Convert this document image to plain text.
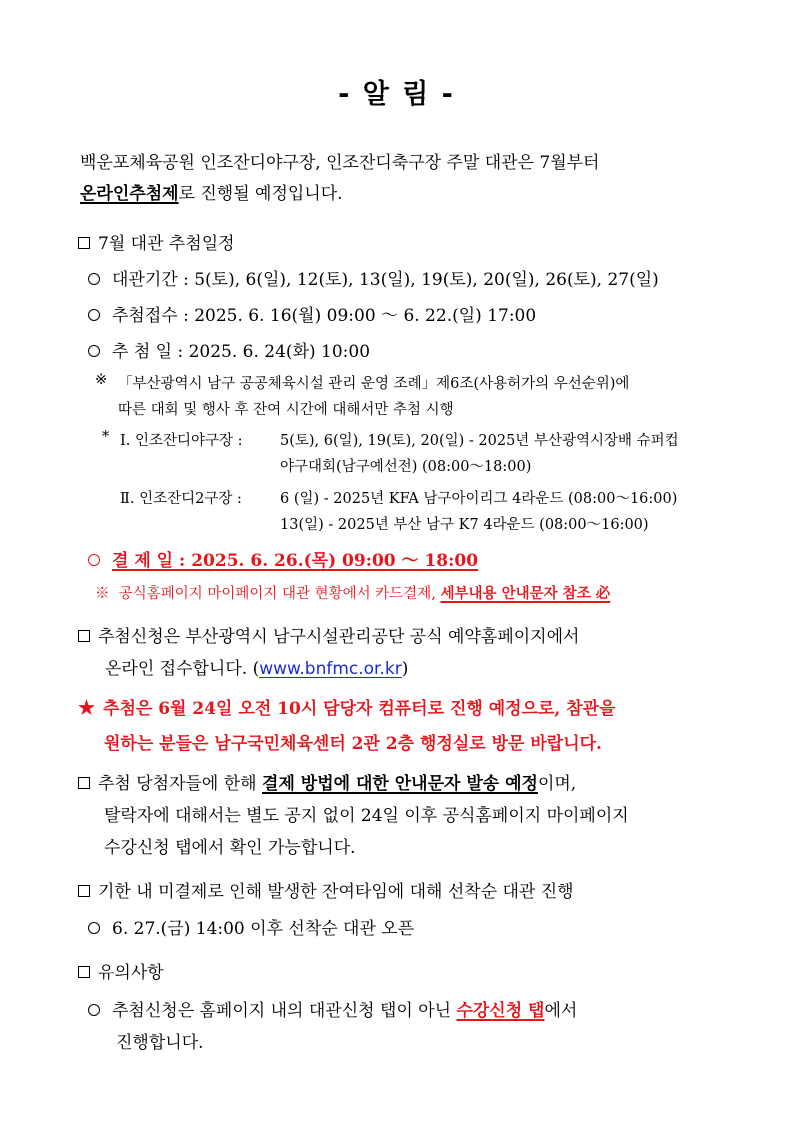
- 알 림 -
백운포체육공원 인조잔디야구장, 인조잔디축구장 주말 대관은 7월부터
온라인추첨제로 진행될 예정입니다.
7월 대관 추첨일정
대관기간 : 5(토), 6(일), 12(토), 13(일), 19(토), 20(일), 26(토), 27(일)
추첨접수 : 2025. 6. 16(월) 09:00 ～ 6. 22.(일) 17:00
추 첨 일 : 2025. 6. 24(화) 10:00
※ 「부산광역시 남구 공공체육시설 관리 운영 조례」제6조(사용허가의 우선순위)에
따른 대회 및 행사 후 잔여 시간에 대해서만 추첨 시행
* Ⅰ. 인조잔디야구장 :	5(토), 6(일), 19(토), 20(일) - 2025년 부산광역시장배 슈퍼컵
야구대회(남구예선전) (08:00～18:00)
Ⅱ. 인조잔디2구장 :	6 (일) - 2025년 KFA 남구아이리그 4라운드 (08:00～16:00)
13(일) - 2025년 부산 남구 K7 4라운드 (08:00～16:00)
결 제 일 : 2025. 6. 26.(목) 09:00 ～ 18:00
※ 공식홈페이지 마이페이지 대관 현황에서 카드결제, 세부내용 안내문자 참조 必
추첨신청은 부산광역시 남구시설관리공단 공식 예약홈페이지에서
온라인 접수합니다. (www.bnfmc.or.kr)
★ 추첨은 6월 24일 오전 10시 담당자 컴퓨터로 진행 예정으로, 참관을
원하는 분들은 남구국민체육센터 2관 2층 행정실로 방문 바랍니다.
추첨 당첨자들에 한해 결제 방법에 대한 안내문자 발송 예정이며,
탈락자에 대해서는 별도 공지 없이 24일 이후 공식홈페이지 마이페이지
수강신청 탭에서 확인 가능합니다.
기한 내 미결제로 인해 발생한 잔여타임에 대해 선착순 대관 진행
6. 27.(금) 14:00 이후 선착순 대관 오픈
유의사항
추첨신청은 홈페이지 내의 대관신청 탭이 아닌 수강신청 탭에서
진행합니다.
